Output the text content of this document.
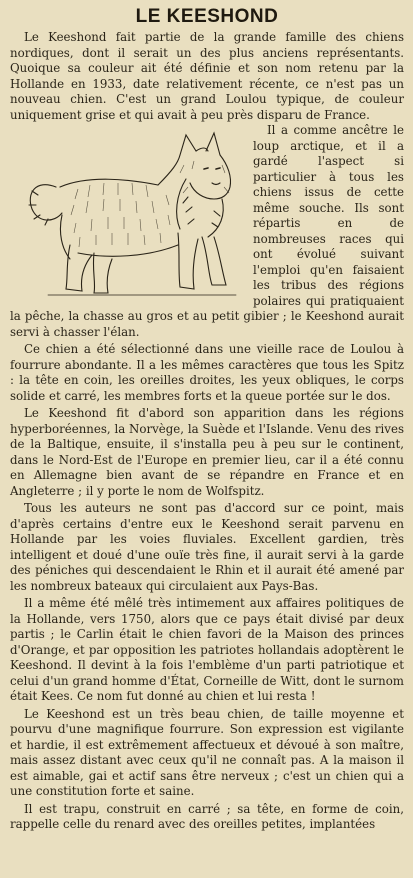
LE KEESHOND

Le Keeshond fait partie de la grande famille des chiens nordiques, dont il serait un des plus anciens représentants. Quoique sa couleur ait été définie et son nom retenu par la Hollande en 1933, date relativement récente, ce n'est pas un nouveau chien. C'est un grand Loulou typique, de couleur uniquement grise et qui avait à peu près disparu de France.

Il a comme ancêtre le loup arctique, et il a gardé l'aspect si particulier à tous les chiens issus de cette même souche. Ils sont répartis en de nombreuses races qui ont évolué suivant l'emploi qu'en faisaient les tribus des régions polaires qui pratiquaient la pêche, la chasse au gros et au petit gibier ; le Keeshond aurait servi à chasser l'élan.

Ce chien a été sélectionné dans une vieille race de Loulou à fourrure abondante. Il a les mêmes caractères que tous les Spitz : la tête en coin, les oreilles droites, les yeux obliques, le corps solide et carré, les membres forts et la queue portée sur le dos.

Le Keeshond fit d'abord son apparition dans les régions hyperboréennes, la Norvège, la Suède et l'Islande. Venu des rives de la Baltique, ensuite, il s'installa peu à peu sur le continent, dans le Nord-Est de l'Europe en premier lieu, car il a été connu en Allemagne bien avant de se répandre en France et en Angleterre ; il y porte le nom de Wolfspitz.

Tous les auteurs ne sont pas d'accord sur ce point, mais d'après certains d'entre eux le Keeshond serait parvenu en Hollande par les voies fluviales. Excellent gardien, très intelligent et doué d'une ouïe très fine, il aurait servi à la garde des péniches qui descendaient le Rhin et il aurait été amené par les nombreux bateaux qui circulaient aux Pays-Bas.

Il a même été mêlé très intimement aux affaires politiques de la Hollande, vers 1750, alors que ce pays était divisé par deux partis ; le Carlin était le chien favori de la Maison des princes d'Orange, et par opposition les patriotes hollandais adoptèrent le Keeshond. Il devint à la fois l'emblème d'un parti patriotique et celui d'un grand homme d'État, Corneille de Witt, dont le surnom était Kees. Ce nom fut donné au chien et lui resta !

Le Keeshond est un très beau chien, de taille moyenne et pourvu d'une magnifique fourrure. Son expression est vigilante et hardie, il est extrêmement affectueux et dévoué à son maître, mais assez distant avec ceux qu'il ne connaît pas. A la maison il est aimable, gai et actif sans être nerveux ; c'est un chien qui a une constitution forte et saine.

Il est trapu, construit en carré ; sa tête, en forme de coin, rappelle celle du renard avec des oreilles petites, implantées
